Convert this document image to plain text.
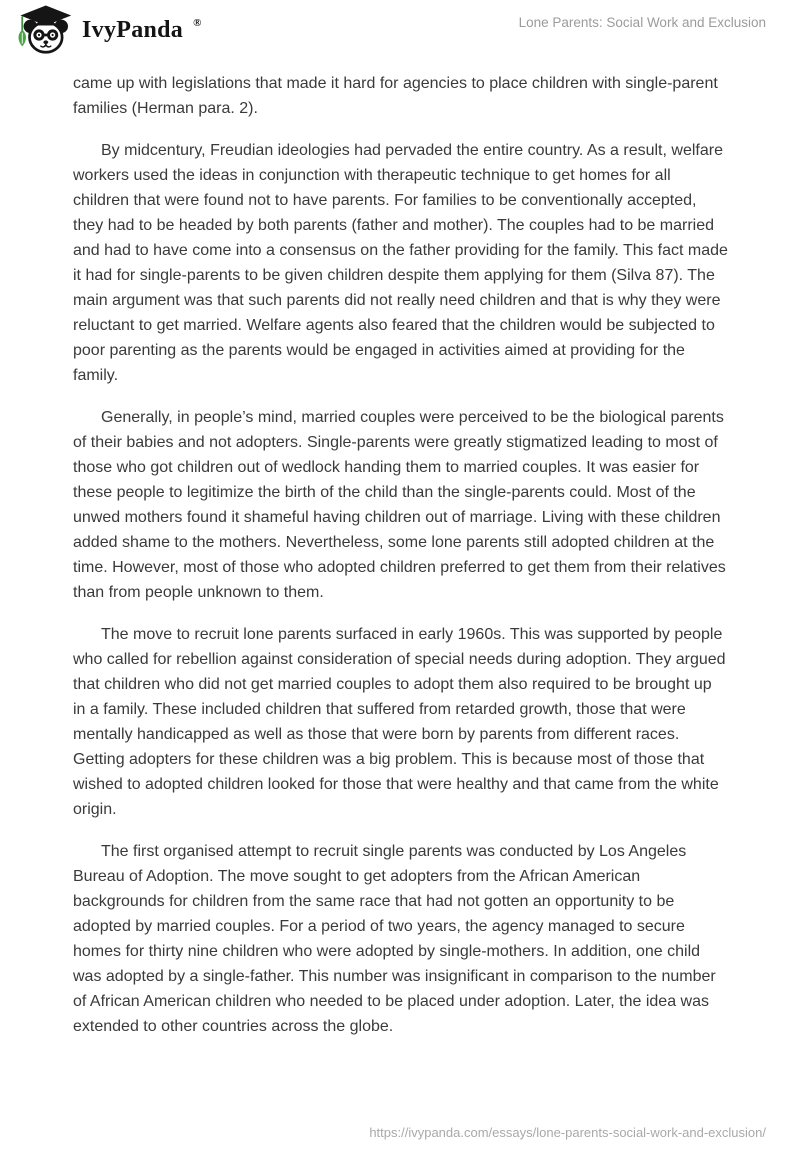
IvyPanda ®	Lone Parents: Social Work and Exclusion

came up with legislations that made it hard for agencies to place children with single-parent families (Herman para. 2).

By midcentury, Freudian ideologies had pervaded the entire country. As a result, welfare workers used the ideas in conjunction with therapeutic technique to get homes for all children that were found not to have parents. For families to be conventionally accepted, they had to be headed by both parents (father and mother). The couples had to be married and had to have come into a consensus on the father providing for the family. This fact made it had for single-parents to be given children despite them applying for them (Silva 87). The main argument was that such parents did not really need children and that is why they were reluctant to get married. Welfare agents also feared that the children would be subjected to poor parenting as the parents would be engaged in activities aimed at providing for the family.

Generally, in people’s mind, married couples were perceived to be the biological parents of their babies and not adopters. Single-parents were greatly stigmatized leading to most of those who got children out of wedlock handing them to married couples. It was easier for these people to legitimize the birth of the child than the single-parents could. Most of the unwed mothers found it shameful having children out of marriage. Living with these children added shame to the mothers. Nevertheless, some lone parents still adopted children at the time. However, most of those who adopted children preferred to get them from their relatives than from people unknown to them.

The move to recruit lone parents surfaced in early 1960s. This was supported by people who called for rebellion against consideration of special needs during adoption. They argued that children who did not get married couples to adopt them also required to be brought up in a family. These included children that suffered from retarded growth, those that were mentally handicapped as well as those that were born by parents from different races. Getting adopters for these children was a big problem. This is because most of those that wished to adopted children looked for those that were healthy and that came from the white origin.

The first organised attempt to recruit single parents was conducted by Los Angeles Bureau of Adoption. The move sought to get adopters from the African American backgrounds for children from the same race that had not gotten an opportunity to be adopted by married couples. For a period of two years, the agency managed to secure homes for thirty nine children who were adopted by single-mothers. In addition, one child was adopted by a single-father. This number was insignificant in comparison to the number of African American children who needed to be placed under adoption. Later, the idea was extended to other countries across the globe.

https://ivypanda.com/essays/lone-parents-social-work-and-exclusion/
